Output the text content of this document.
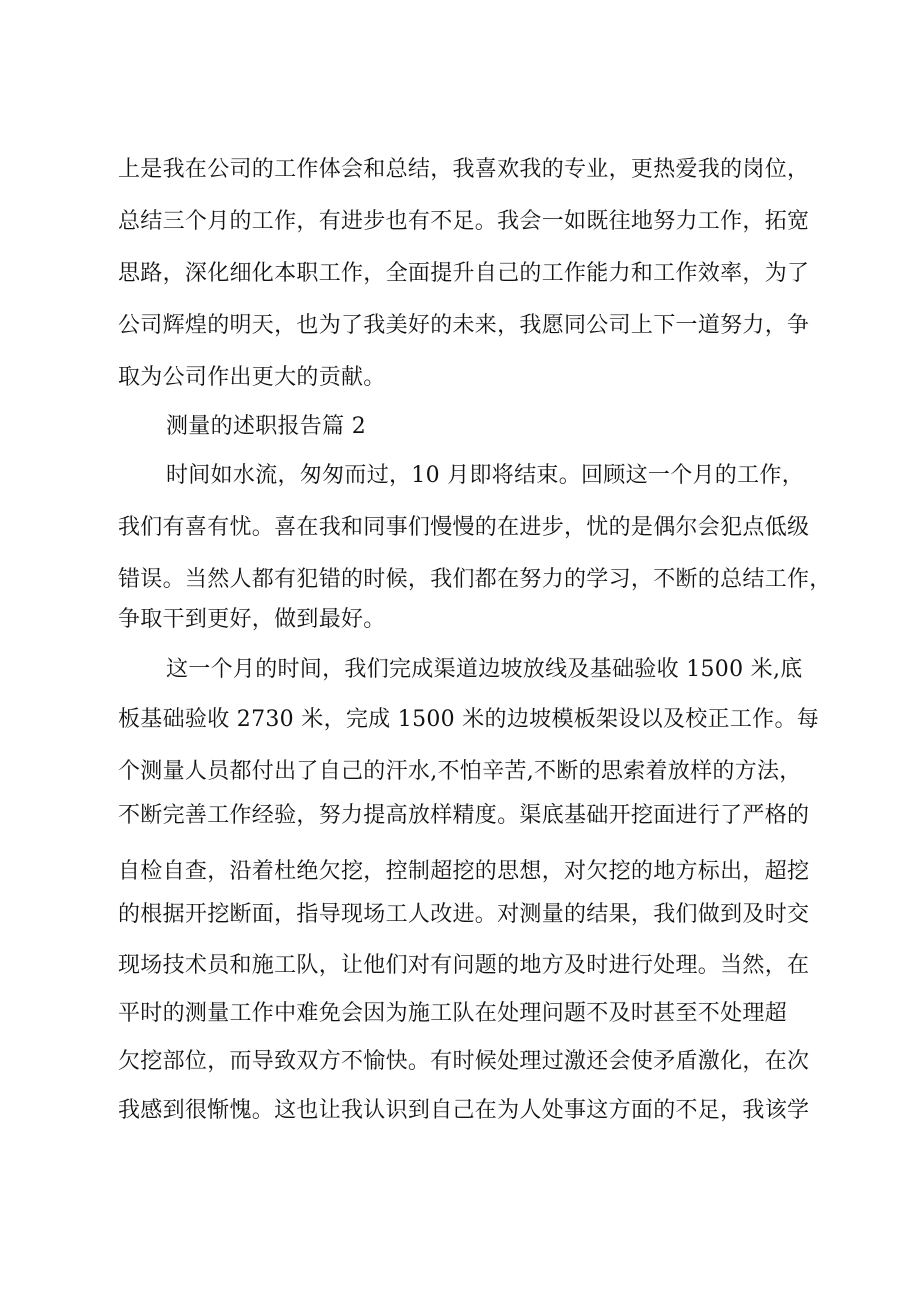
上是我在公司的工作体会和总结，我喜欢我的专业，更热爱我的岗位，
总结三个月的工作，有进步也有不足。我会一如既往地努力工作，拓宽
思路，深化细化本职工作，全面提升自己的工作能力和工作效率，为了
公司辉煌的明天，也为了我美好的未来，我愿同公司上下一道努力，争
取为公司作出更大的贡献。
测量的述职报告篇 2
时间如水流，匆匆而过，10 月即将结束。回顾这一个月的工作，
我们有喜有忧。喜在我和同事们慢慢的在进步，忧的是偶尔会犯点低级
错误。当然人都有犯错的时候，我们都在努力的学习，不断的总结工作，
争取干到更好，做到最好。
这一个月的时间，我们完成渠道边坡放线及基础验收 1500 米,底
板基础验收 2730 米，完成 1500 米的边坡模板架设以及校正工作。每
个测量人员都付出了自己的汗水,不怕辛苦,不断的思索着放样的方法，
不断完善工作经验，努力提高放样精度。渠底基础开挖面进行了严格的
自检自查，沿着杜绝欠挖，控制超挖的思想，对欠挖的地方标出，超挖
的根据开挖断面，指导现场工人改进。对测量的结果，我们做到及时交
现场技术员和施工队，让他们对有问题的地方及时进行处理。当然，在
平时的测量工作中难免会因为施工队在处理问题不及时甚至不处理超
欠挖部位，而导致双方不愉快。有时候处理过激还会使矛盾激化，在次
我感到很惭愧。这也让我认识到自己在为人处事这方面的不足，我该学
